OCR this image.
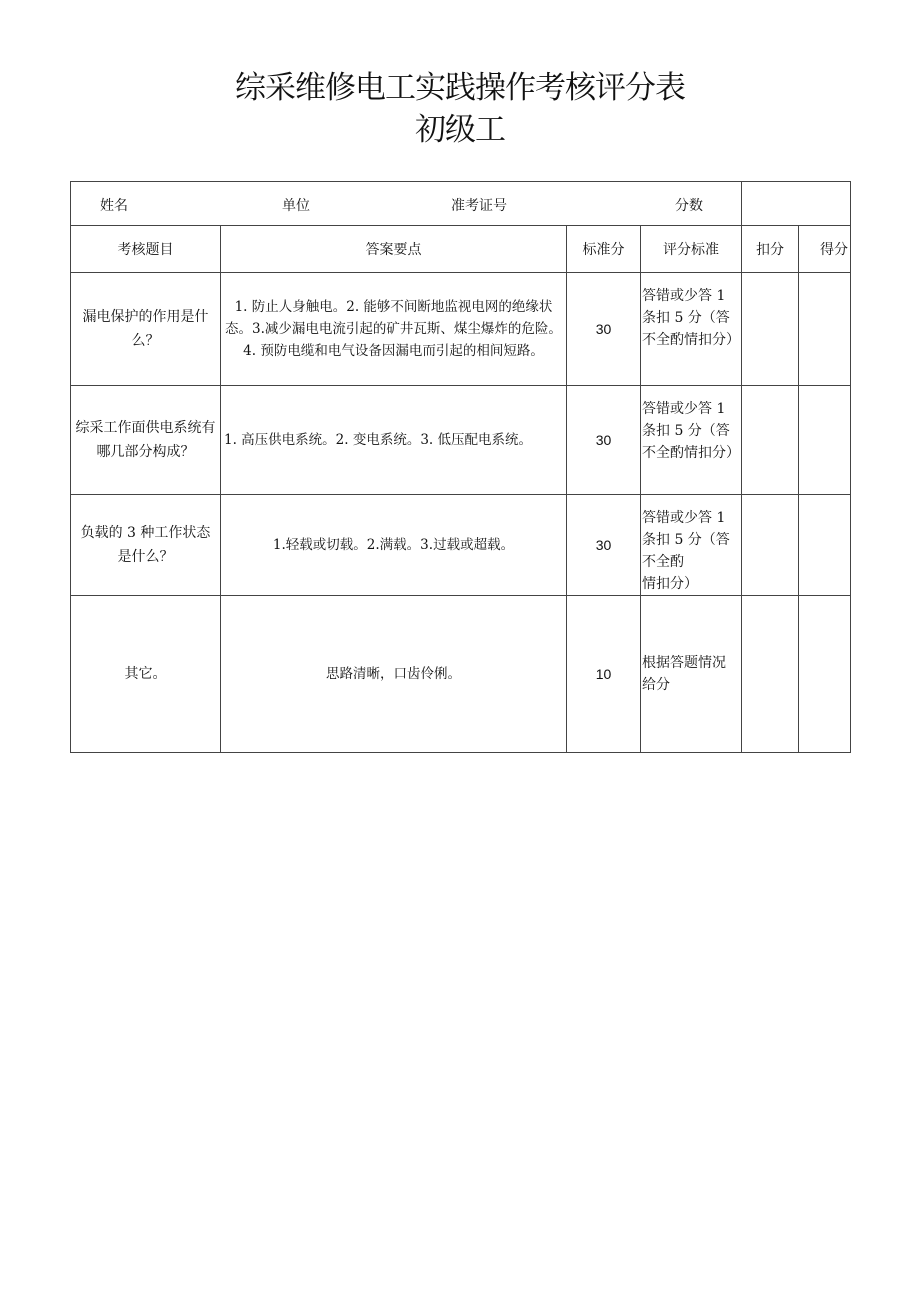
综采维修电工实践操作考核评分表
初级工
姓名 单位 准考证号 分数					

考核题目	答案要点	标准分	评分标准	扣分	得分
漏电保护的作用是什么？	1. 防止人身触电。2. 能够不间断地监视电网的绝缘状态。3.减少漏电电流引起的矿井瓦斯、煤尘爆炸的危险。4. 预防电缆和电气设备因漏电而引起的相间短路。	30	答错或少答 1
条扣 5 分（答
不全酌情扣分）		

综采工作面供电系统有哪几部分构成？	1. 高压供电系统。2. 变电系统。3. 低压配电系统。	30	答错或少答 1
条扣 5 分（答
不全酌情扣分）		

负载的 3 种工作状态是什么？	1.轻载或切载。2.满载。3.过载或超载。	30	答错或少答 1
条扣 5 分（答
不全酌
情扣分）		

其它。	思路清晰，口齿伶俐。	10	根据答题情况
给分		
